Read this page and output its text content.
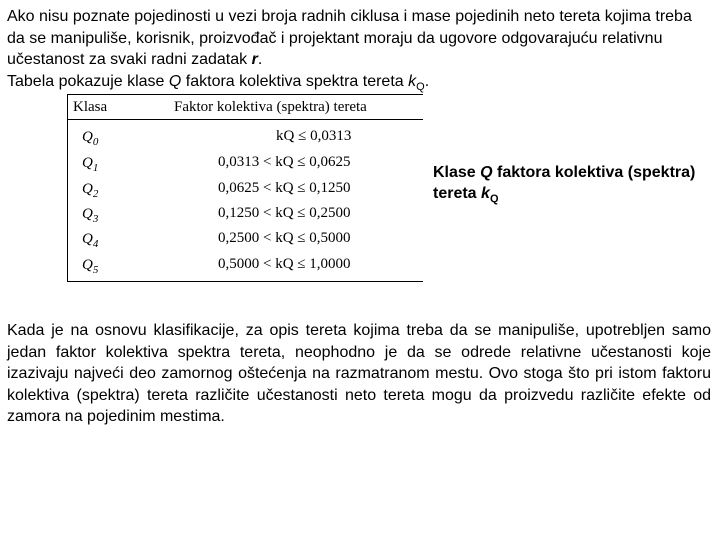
Ako nisu poznate pojedinosti u vezi broja radnih ciklusa i mase pojedinih neto tereta kojima treba da se manipuliše, korisnik, proizvođač i projektant moraju da ugovore odgovarajuću relativnu učestanost za svaki radni zadatak r.

Tabela pokazuje klase Q faktora kolektiva spektra tereta $k_Q$.

Klasa	Faktor kolektiva (spektra) tereta
$Q_0$	kQ ≤ 0,0313
$Q_1$	0,0313 < kQ ≤ 0,0625
$Q_2$	0,0625 < kQ ≤ 0,1250
$Q_3$	0,1250 < kQ ≤ 0,2500
$Q_4$	0,2500 < kQ ≤ 0,5000
$Q_5$	0,5000 < kQ ≤ 1,0000
Klase Q faktora kolektiva (spektra) tereta $k_Q$
Kada je na osnovu klasifikacije, za opis tereta kojima treba da se manipuliše, upotrebljen samo jedan faktor kolektiva spektra tereta, neophodno je da se odrede relativne učestanosti koje izazivaju najveći deo zamornog oštećenja na razmatranom mestu. Ovo stoga što pri istom faktoru kolektiva (spektra) tereta različite učestanosti neto tereta mogu da proizvedu različite efekte od zamora na pojedinim mestima.
